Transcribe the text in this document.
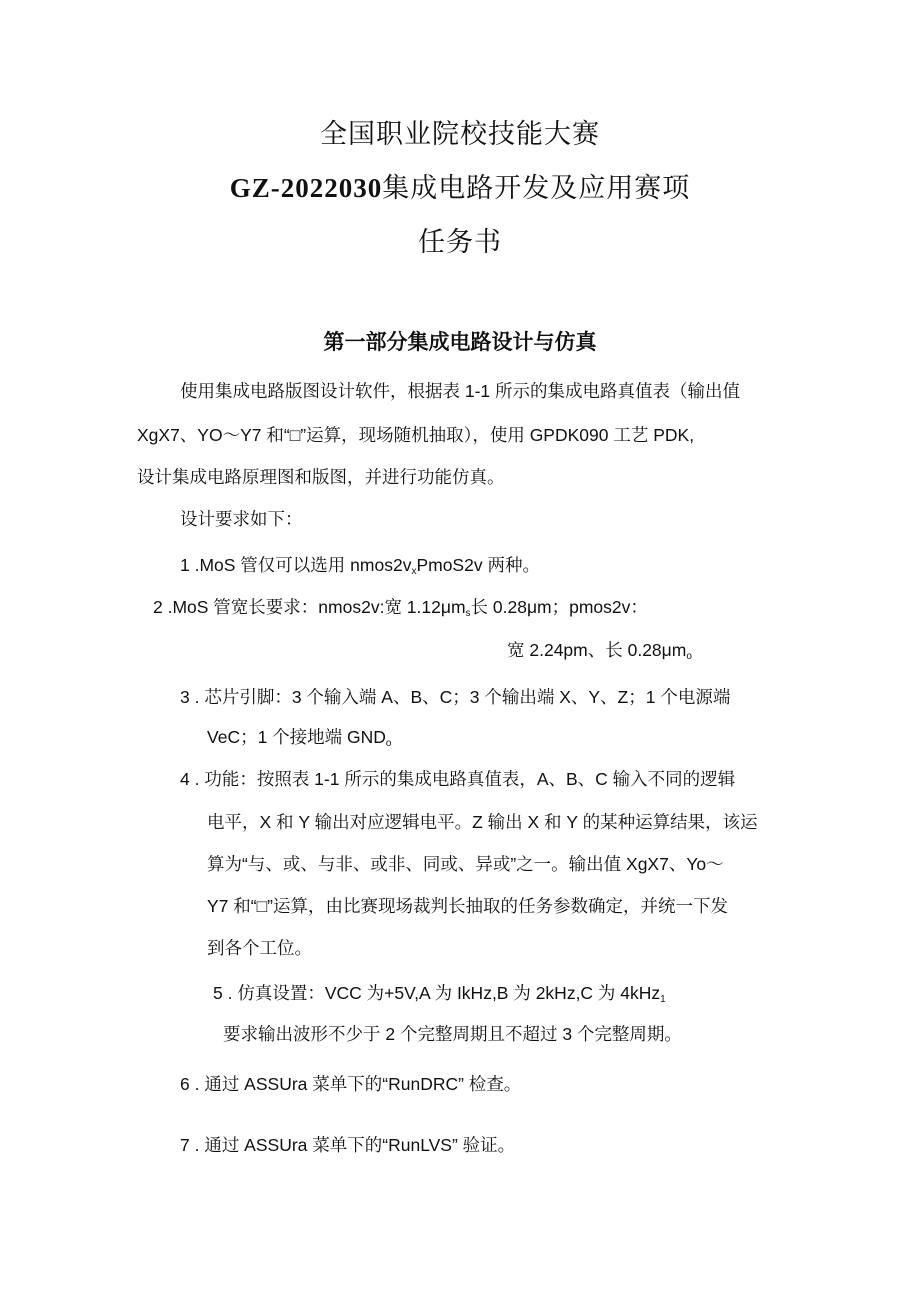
全国职业院校技能大赛
GZ-2022030集成电路开发及应用赛项
任务书
第一部分集成电路设计与仿真
使用集成电路版图设计软件，根据表 1-1 所示的集成电路真值表（输出值
XgX7、YO～Y7 和“□”运算，现场随机抽取），使用 GPDK090 工艺 PDK,
设计集成电路原理图和版图，并进行功能仿真。
设计要求如下：
1 .MoS 管仅可以选用 $nmos2v_xPmoS2v$ 两种。
2 .MoS 管宽长要求：nmos2v:宽 $1.12\mu m_s$长 0.28μm；pmos2v：
宽 2.24pm、长 $0.28\mu m_o$
3 . 芯片引脚：3 个输入端 A、B、C；3 个输出端 X、Y、Z；1 个电源端
VeC；1 个接地端 $GND_o$
4 . 功能：按照表 1-1 所示的集成电路真值表，A、B、C 输入不同的逻辑
电平，X 和 Y 输出对应逻辑电平。Z 输出 X 和 Y 的某种运算结果，该运
算为“与、或、与非、或非、同或、异或”之一。输出值 XgX7、Yo～
Y7 和“□”运算，由比赛现场裁判长抽取的任务参数确定，并统一下发
到各个工位。
5 . 仿真设置：VCC 为+5V,A 为 IkHz,B 为 2kHz,C 为 4kHz$_1$
要求输出波形不少于 2 个完整周期且不超过 3 个完整周期。
6 . 通过 ASSUra 菜单下的“RunDRC” 检查。
7 . 通过 ASSUra 菜单下的“RunLVS” 验证。
